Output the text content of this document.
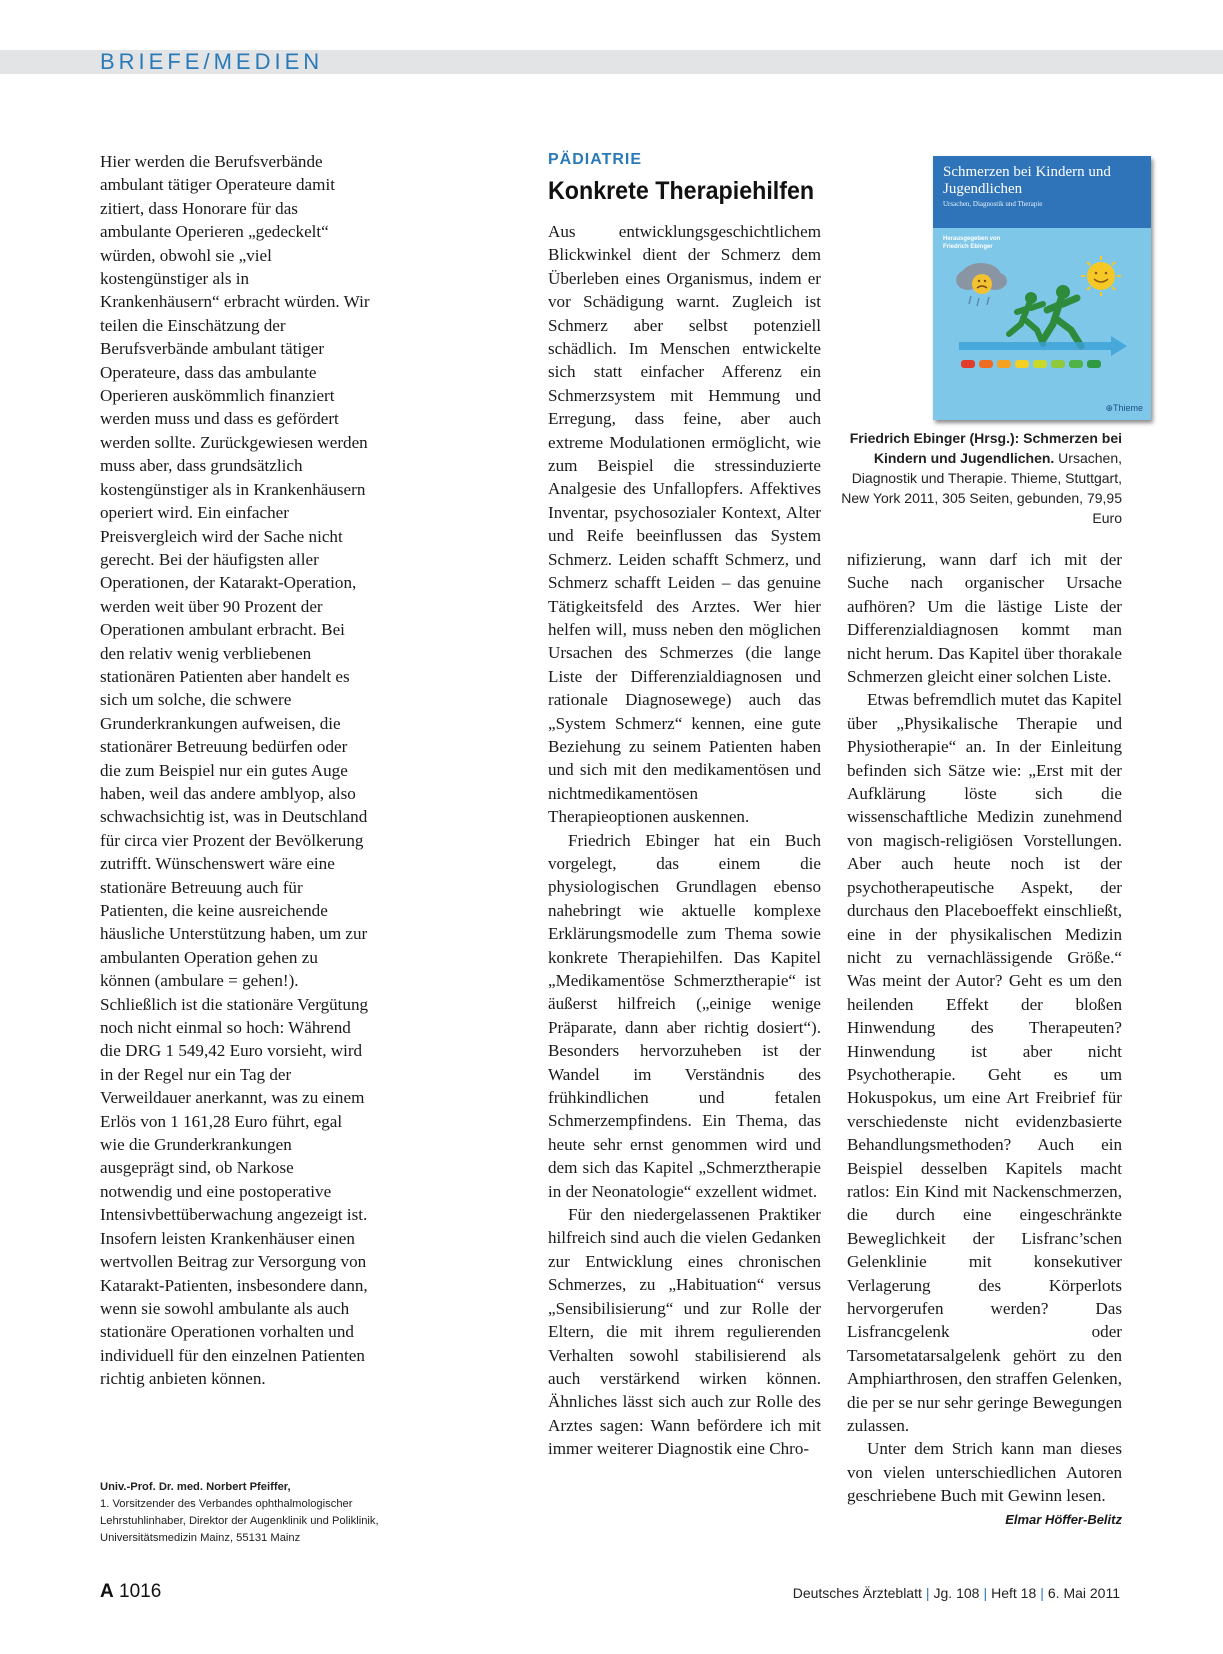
BRIEFE/MEDIEN

Hier werden die Berufsverbände ambulant tätiger Operateure damit zitiert, dass Honorare für das ambulante Operieren „gedeckelt“ würden, obwohl sie „viel kostengünstiger als in Krankenhäusern“ erbracht würden. Wir teilen die Einschätzung der Berufsverbände ambulant tätiger Operateure, dass das ambulante Operieren auskömmlich finanziert werden muss und dass es gefördert werden sollte. Zurückgewiesen werden muss aber, dass grundsätzlich kostengünstiger als in Krankenhäusern operiert wird. Ein einfacher Preisvergleich wird der Sache nicht gerecht. Bei der häufigsten aller Operationen, der Katarakt-Operation, werden weit über 90 Prozent der Operationen ambulant erbracht. Bei den relativ wenig verbliebenen stationären Patienten aber handelt es sich um solche, die schwere Grunderkrankungen aufweisen, die stationärer Betreuung bedürfen oder die zum Beispiel nur ein gutes Auge haben, weil das andere amblyop, also schwachsichtig ist, was in Deutschland für circa vier Prozent der Bevölkerung zutrifft. Wünschenswert wäre eine stationäre Betreuung auch für Patienten, die keine ausreichende häusliche Unterstützung haben, um zur ambulanten Operation gehen zu können (ambulare = gehen!). Schließlich ist die stationäre Vergütung noch nicht einmal so hoch: Während die DRG 1 549,42 Euro vorsieht, wird in der Regel nur ein Tag der Verweildauer anerkannt, was zu einem Erlös von 1 161,28 Euro führt, egal wie die Grunderkrankungen ausgeprägt sind, ob Narkose notwendig und eine postoperative Intensivbettüberwachung angezeigt ist. Insofern leisten Krankenhäuser einen wertvollen Beitrag zur Versorgung von Katarakt-Patienten, insbesondere dann, wenn sie sowohl ambulante als auch stationäre Operationen vorhalten und individuell für den einzelnen Patienten richtig anbieten können.

Univ.-Prof. Dr. med. Norbert Pfeiffer,
1. Vorsitzender des Verbandes ophthalmologischer Lehrstuhlinhaber, Direktor der Augenklinik und Poliklinik, Universitätsmedizin Mainz, 55131 Mainz
PÄDIATRIE
Konkrete Therapiehilfen

Aus entwicklungsgeschichtlichem Blickwinkel dient der Schmerz dem Überleben eines Organismus, indem er vor Schädigung warnt. Zugleich ist Schmerz aber selbst potenziell schädlich. Im Menschen entwickelte sich statt einfacher Afferenz ein Schmerzsystem mit Hemmung und Erregung, dass feine, aber auch extreme Modulationen ermöglicht, wie zum Beispiel die stressinduzierte Analgesie des Unfallopfers. Affektives Inventar, psychosozialer Kontext, Alter und Reife beeinflussen das System Schmerz. Leiden schafft Schmerz, und Schmerz schafft Leiden – das genuine Tätigkeitsfeld des Arztes. Wer hier helfen will, muss neben den möglichen Ursachen des Schmerzes (die lange Liste der Differenzialdiagnosen und rationale Diagnosewege) auch das „System Schmerz“ kennen, eine gute Beziehung zu seinem Patienten haben und sich mit den medikamentösen und nichtmedikamentösen Therapieoptionen auskennen.

Friedrich Ebinger hat ein Buch vorgelegt, das einem die physiologischen Grundlagen ebenso nahebringt wie aktuelle komplexe Erklärungsmodelle zum Thema sowie konkrete Therapiehilfen. Das Kapitel „Medikamentöse Schmerztherapie“ ist äußerst hilfreich („einige wenige Präparate, dann aber richtig dosiert“). Besonders hervorzuheben ist der Wandel im Verständnis des frühkindlichen und fetalen Schmerzempfindens. Ein Thema, das heute sehr ernst genommen wird und dem sich das Kapitel „Schmerztherapie in der Neonatologie“ exzellent widmet.

Für den niedergelassenen Praktiker hilfreich sind auch die vielen Gedanken zur Entwicklung eines chronischen Schmerzes, zu „Habituation“ versus „Sensibilisierung“ und zur Rolle der Eltern, die mit ihrem regulierenden Verhalten sowohl stabilisierend als auch verstärkend wirken können. Ähnliches lässt sich auch zur Rolle des Arztes sagen: Wann befördere ich mit immer weiterer Diagnostik eine Chro-

Schmerzen bei Kindern und Jugendlichen
Ursachen, Diagnostik und Therapie
Herausgegeben von
Friedrich Ebinger
⊕Thieme
Friedrich Ebinger (Hrsg.): Schmerzen bei Kindern und Jugendlichen. Ursachen, Diagnostik und Therapie. Thieme, Stuttgart, New York 2011, 305 Seiten, gebunden, 79,95 Euro

nifizierung, wann darf ich mit der Suche nach organischer Ursache aufhören? Um die lästige Liste der Differenzialdiagnosen kommt man nicht herum. Das Kapitel über thorakale Schmerzen gleicht einer solchen Liste.

Etwas befremdlich mutet das Kapitel über „Physikalische Therapie und Physiotherapie“ an. In der Einleitung befinden sich Sätze wie: „Erst mit der Aufklärung löste sich die wissenschaftliche Medizin zunehmend von magisch-religiösen Vorstellungen. Aber auch heute noch ist der psychotherapeutische Aspekt, der durchaus den Placeboeffekt einschließt, eine in der physikalischen Medizin nicht zu vernachlässigende Größe.“ Was meint der Autor? Geht es um den heilenden Effekt der bloßen Hinwendung des Therapeuten? Hinwendung ist aber nicht Psychotherapie. Geht es um Hokuspokus, um eine Art Freibrief für verschiedenste nicht evidenzbasierte Behandlungsmethoden? Auch ein Beispiel desselben Kapitels macht ratlos: Ein Kind mit Nackenschmerzen, die durch eine eingeschränkte Beweglichkeit der Lisfranc’schen Gelenklinie mit konsekutiver Verlagerung des Körperlots hervorgerufen werden? Das Lisfrancgelenk oder Tarsometatarsalgelenk gehört zu den Amphiarthrosen, den straffen Gelenken, die per se nur sehr geringe Bewegungen zulassen.

Unter dem Strich kann man dieses von vielen unterschiedlichen Autoren geschriebene Buch mit Gewinn lesen.
Elmar Höffer-Belitz

A 1016	Deutsches Ärzteblatt | Jg. 108 | Heft 18 | 6. Mai 2011
